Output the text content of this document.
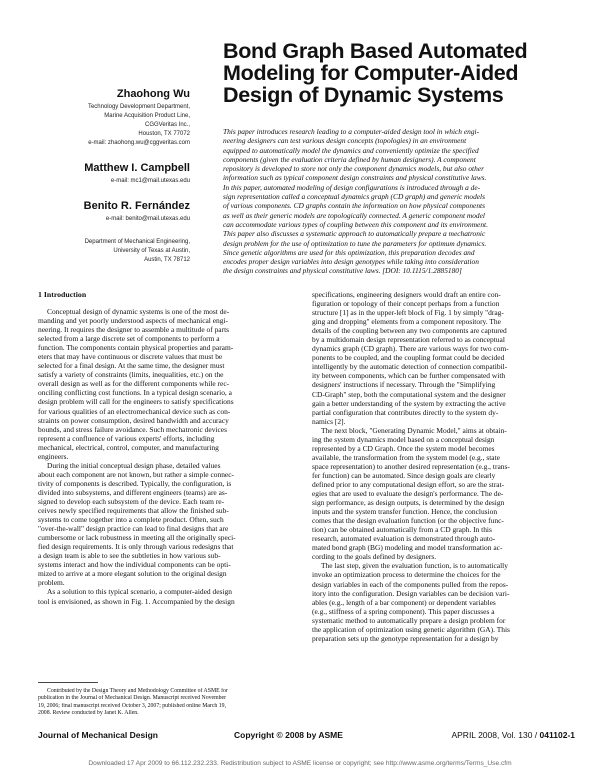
Bond Graph Based Automated
Modeling for Computer-Aided
Design of Dynamic Systems
Zhaohong Wu
Technology Development Department,
Marine Acquisition Product Line,
CGGVeritas Inc.,
Houston, TX 77072
e-mail: zhaohong.wu@cggveritas.com
Matthew I. Campbell
e-mail: mc1@mail.utexas.edu
Benito R. Fernández
e-mail: benito@mail.utexas.edu
Department of Mechanical Engineering,
University of Texas at Austin,
Austin, TX 78712
This paper introduces research leading to a computer-aided design tool in which engi-
neering designers can test various design concepts (topologies) in an environment
equipped to automatically model the dynamics and conveniently optimize the specified
components (given the evaluation criteria defined by human designers). A component
repository is developed to store not only the component dynamics models, but also other
information such as typical component design constraints and physical constitutive laws.
In this paper, automated modeling of design configurations is introduced through a de-
sign representation called a conceptual dynamics graph (CD graph) and generic models
of various components. CD graphs contain the information on how physical components
as well as their generic models are topologically connected. A generic component model
can accommodate various types of coupling between this component and its environment.
This paper also discusses a systematic approach to automatically prepare a mechatronic
design problem for the use of optimization to tune the parameters for optimum dynamics.
Since genetic algorithms are used for this optimization, this preparation decodes and
encodes proper design variables into design genotypes while taking into consideration
the design constraints and physical constitutive laws. [DOI: 10.1115/1.2885180]
1 Introduction
Conceptual design of dynamic systems is one of the most de-
manding and yet poorly understood aspects of mechanical engi-
neering. It requires the designer to assemble a multitude of parts
selected from a large discrete set of components to perform a
function. The components contain physical properties and param-
eters that may have continuous or discrete values that must be
selected for a final design. At the same time, the designer must
satisfy a variety of constraints (limits, inequalities, etc.) on the
overall design as well as for the different components while rec-
onciling conflicting cost functions. In a typical design scenario, a
design problem will call for the engineers to satisfy specifications
for various qualities of an electromechanical device such as con-
straints on power consumption, desired bandwidth and accuracy
bounds, and stress failure avoidance. Such mechatronic devices
represent a confluence of various experts' efforts, including
mechanical, electrical, control, computer, and manufacturing
engineers.
During the initial conceptual design phase, detailed values
about each component are not known, but rather a simple connec-
tivity of components is described. Typically, the configuration, is
divided into subsystems, and different engineers (teams) are as-
signed to develop each subsystem of the device. Each team re-
ceives newly specified requirements that allow the finished sub-
systems to come together into a complete product. Often, such
"over-the-wall" design practice can lead to final designs that are
cumbersome or lack robustness in meeting all the originally speci-
fied design requirements. It is only through various redesigns that
a design team is able to see the subtleties in how various sub-
systems interact and how the individual components can be opti-
mized to arrive at a more elegant solution to the original design
problem.
As a solution to this typical scenario, a computer-aided design
tool is envisioned, as shown in Fig. 1. Accompanied by the design
specifications, engineering designers would draft an entire con-
figuration or topology of their concept perhaps from a function
structure [1] as in the upper-left block of Fig. 1 by simply "drag-
ging and dropping" elements from a component repository. The
details of the coupling between any two components are captured
by a multidomain design representation referred to as conceptual
dynamics graph (CD graph). There are various ways for two com-
ponents to be coupled, and the coupling format could be decided
intelligently by the automatic detection of connection compatibil-
ity between components, which can be further compensated with
designers' instructions if necessary. Through the "Simplifying
CD-Graph" step, both the computational system and the designer
gain a better understanding of the system by extracting the active
partial configuration that contributes directly to the system dy-
namics [2].
The next block, "Generating Dynamic Model," aims at obtain-
ing the system dynamics model based on a conceptual design
represented by a CD Graph. Once the system model becomes
available, the transformation from the system model (e.g., state
space representation) to another desired representation (e.g., trans-
fer function) can be automated. Since design goals are clearly
defined prior to any computational design effort, so are the strat-
egies that are used to evaluate the design's performance. The de-
sign performance, as design outputs, is determined by the design
inputs and the system transfer function. Hence, the conclusion
comes that the design evaluation function (or the objective func-
tion) can be obtained automatically from a CD graph. In this
research, automated evaluation is demonstrated through auto-
mated bond graph (BG) modeling and model transformation ac-
cording to the goals defined by designers.
The last step, given the evaluation function, is to automatically
invoke an optimization process to determine the choices for the
design variables in each of the components pulled from the repos-
itory into the configuration. Design variables can be decision vari-
ables (e.g., length of a bar component) or dependent variables
(e.g., stiffness of a spring component). This paper discusses a
systematic method to automatically prepare a design problem for
the application of optimization using genetic algorithm (GA). This
preparation sets up the genotype representation for a design by
Contributed by the Design Theory and Methodology Committee of ASME for
publication in the Journal of Mechanical Design. Manuscript received November
19, 2006; final manuscript received October 3, 2007; published online March 19,
2008. Review conducted by Janet K. Allen.
Journal of Mechanical Design	Copyright © 2008 by ASME	APRIL 2008, Vol. 130 / 041102-1
Downloaded 17 Apr 2009 to 66.112.232.233. Redistribution subject to ASME license or copyright; see http://www.asme.org/terms/Terms_Use.cfm
